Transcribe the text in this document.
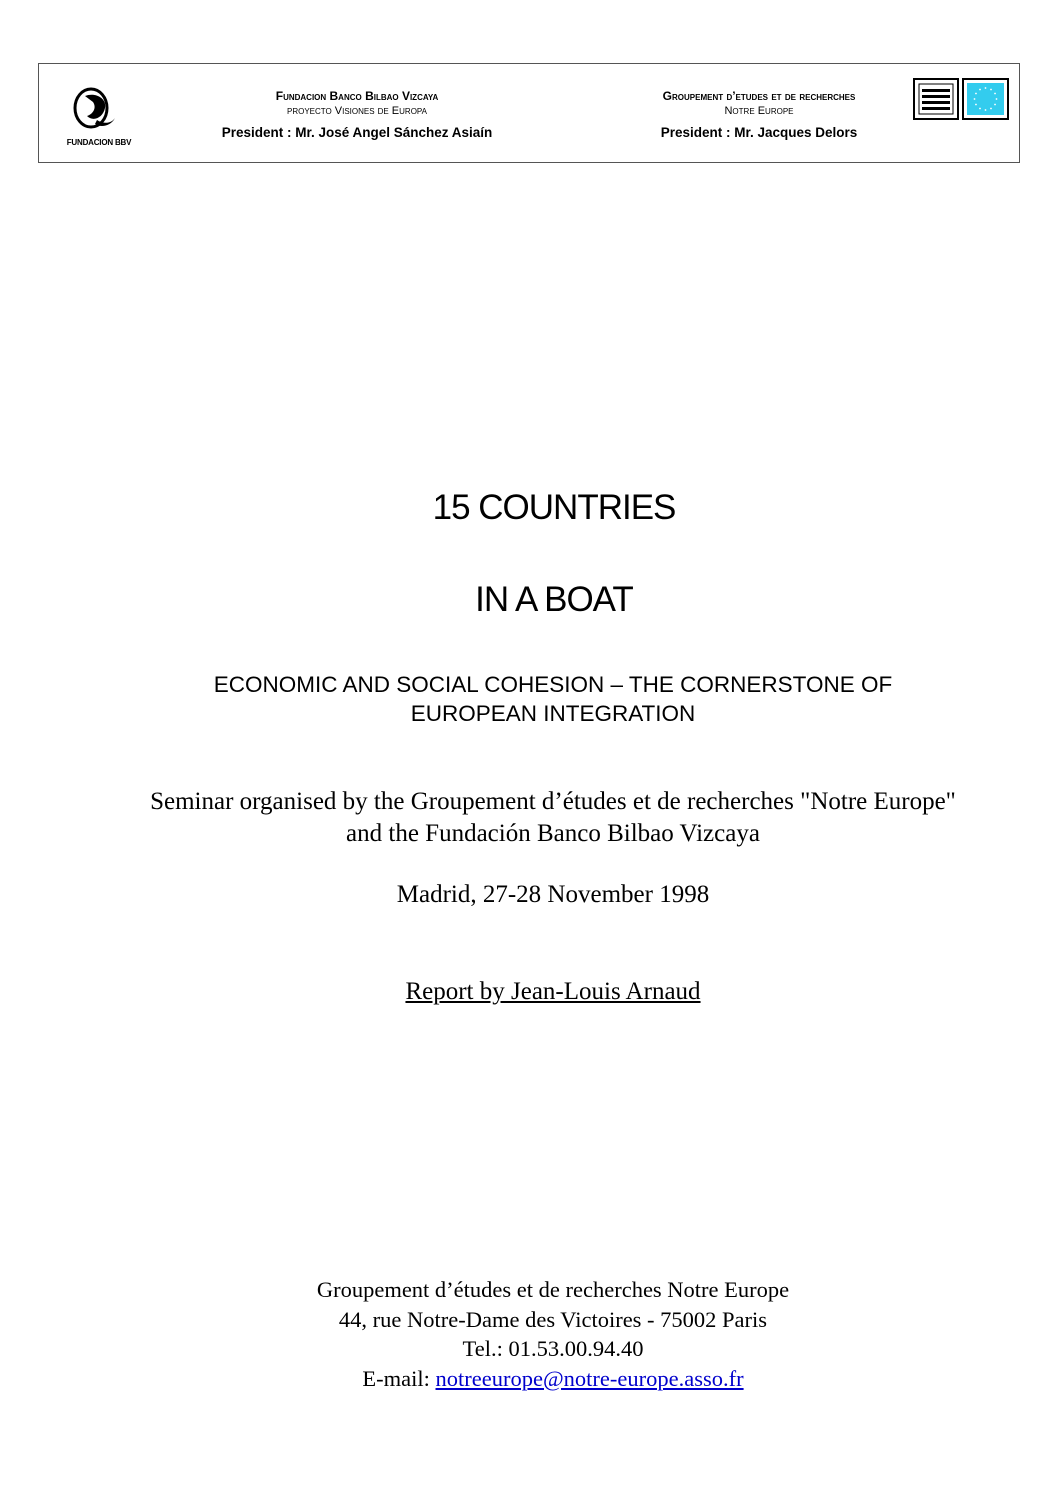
FUNDACION BBV
Fundacion Banco Bilbao Vizcaya
proyecto Visiones de Europa
President : Mr. José Angel Sánchez Asiaín
Groupement d’etudes et de recherches
Notre Europe
President : Mr. Jacques Delors
15 COUNTRIES
IN A BOAT
ECONOMIC AND SOCIAL COHESION – THE CORNERSTONE OF EUROPEAN INTEGRATION
Seminar organised by the Groupement d’études et de recherches "Notre Europe" and the Fundación Banco Bilbao Vizcaya
Madrid, 27-28 November 1998
Report by Jean-Louis Arnaud
Groupement d’études et de recherches Notre Europe
44, rue Notre-Dame des Victoires - 75002 Paris
Tel.: 01.53.00.94.40
E-mail: notreeurope@notre-europe.asso.fr
